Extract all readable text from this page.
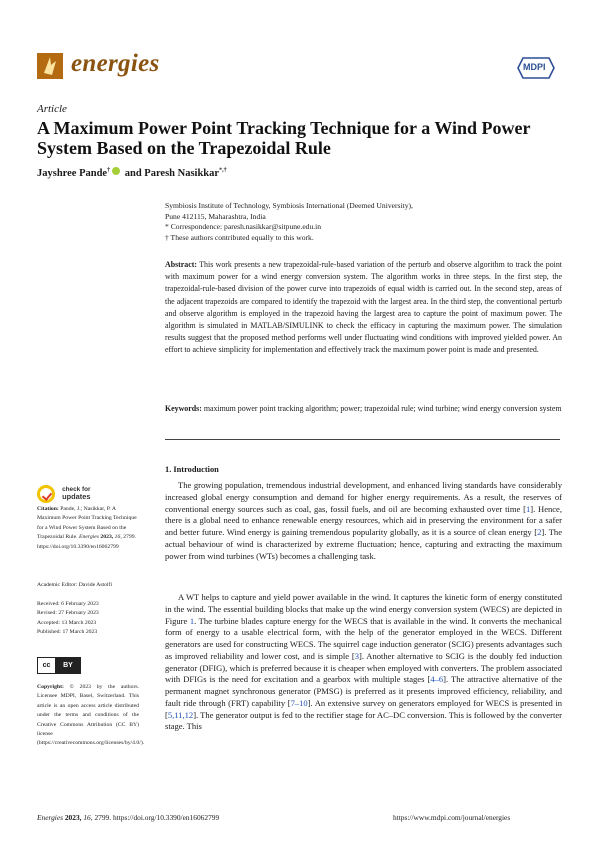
energies	MDPI
Article
A Maximum Power Point Tracking Technique for a Wind Power System Based on the Trapezoidal Rule
Jayshree Pande† and Paresh Nasikkar*,†
Symbiosis Institute of Technology, Symbiosis International (Deemed University),
Pune 412115, Maharashtra, India
* Correspondence: paresh.nasikkar@sitpune.edu.in
† These authors contributed equally to this work.
Abstract: This work presents a new trapezoidal-rule-based variation of the perturb and observe algorithm to track the point with maximum power for a wind energy conversion system. The algorithm works in three steps. In the first step, the trapezoidal-rule-based division of the power curve into trapezoids of equal width is carried out. In the second step, areas of the adjacent trapezoids are compared to identify the trapezoid with the largest area. In the third step, the conventional perturb and observe algorithm is employed in the trapezoid having the largest area to capture the point of maximum power. The algorithm is simulated in MATLAB/SIMULINK to check the efficacy in capturing the maximum power. The simulation results suggest that the proposed method performs well under fluctuating wind conditions with improved yielded power. An effort to achieve simplicity for implementation and effectively track the maximum power point is made and presented.
Keywords: maximum power point tracking algorithm; power; trapezoidal rule; wind turbine; wind energy conversion system
1. Introduction
The growing population, tremendous industrial development, and enhanced living standards have considerably increased global energy consumption and demand for higher energy requirements. As a result, the reserves of conventional energy sources such as coal, gas, fossil fuels, and oil are becoming exhausted over time [1]. Hence, there is a global need to enhance renewable energy resources, which aid in preserving the environment for a safer and better future. Wind energy is gaining tremendous popularity globally, as it is a source of clean energy [2]. The actual behaviour of wind is characterized by extreme fluctuation; hence, capturing and extracting the maximum power from wind turbines (WTs) becomes a challenging task.
A WT helps to capture and yield power available in the wind. It captures the kinetic form of energy constituted in the wind. The essential building blocks that make up the wind energy conversion system (WECS) are depicted in Figure 1. The turbine blades capture energy for the WECS that is available in the wind. It converts the mechanical form of energy to a usable electrical form, with the help of the generator employed in the WECS. Different generators are used for constructing WECS. The squirrel cage induction generator (SCIG) presents advantages such as improved reliability and lower cost, and is simple [3]. Another alternative to SCIG is the doubly fed induction generator (DFIG), which is preferred because it is cheaper when employed with converters. The problem associated with DFIGs is the need for excitation and a gearbox with multiple stages [4–6]. The attractive alternative of the permanent magnet synchronous generator (PMSG) is preferred as it presents improved efficiency, reliability, and fault ride through (FRT) capability [7–10]. An extensive survey on generators employed for WECS is presented in [5,11,12]. The generator output is fed to the rectifier stage for AC–DC conversion. This is followed by the converter stage. This
check for
updates
Citation: Pande, J.; Nasikkar, P. A Maximum Power Point Tracking Technique for a Wind Power System Based on the Trapezoidal Rule. Energies 2023, 16, 2799. https://doi.org/10.3390/en16062799
Academic Editor: Davide Astolfi
Received: 6 February 2023
Revised: 27 February 2023
Accepted: 13 March 2023
Published: 17 March 2023
cc	BY
Copyright: © 2023 by the authors. Licensee MDPI, Basel, Switzerland. This article is an open access article distributed under the terms and conditions of the Creative Commons Attribution (CC BY) license (https://creativecommons.org/licenses/by/4.0/).
Energies 2023, 16, 2799. https://doi.org/10.3390/en16062799	https://www.mdpi.com/journal/energies
